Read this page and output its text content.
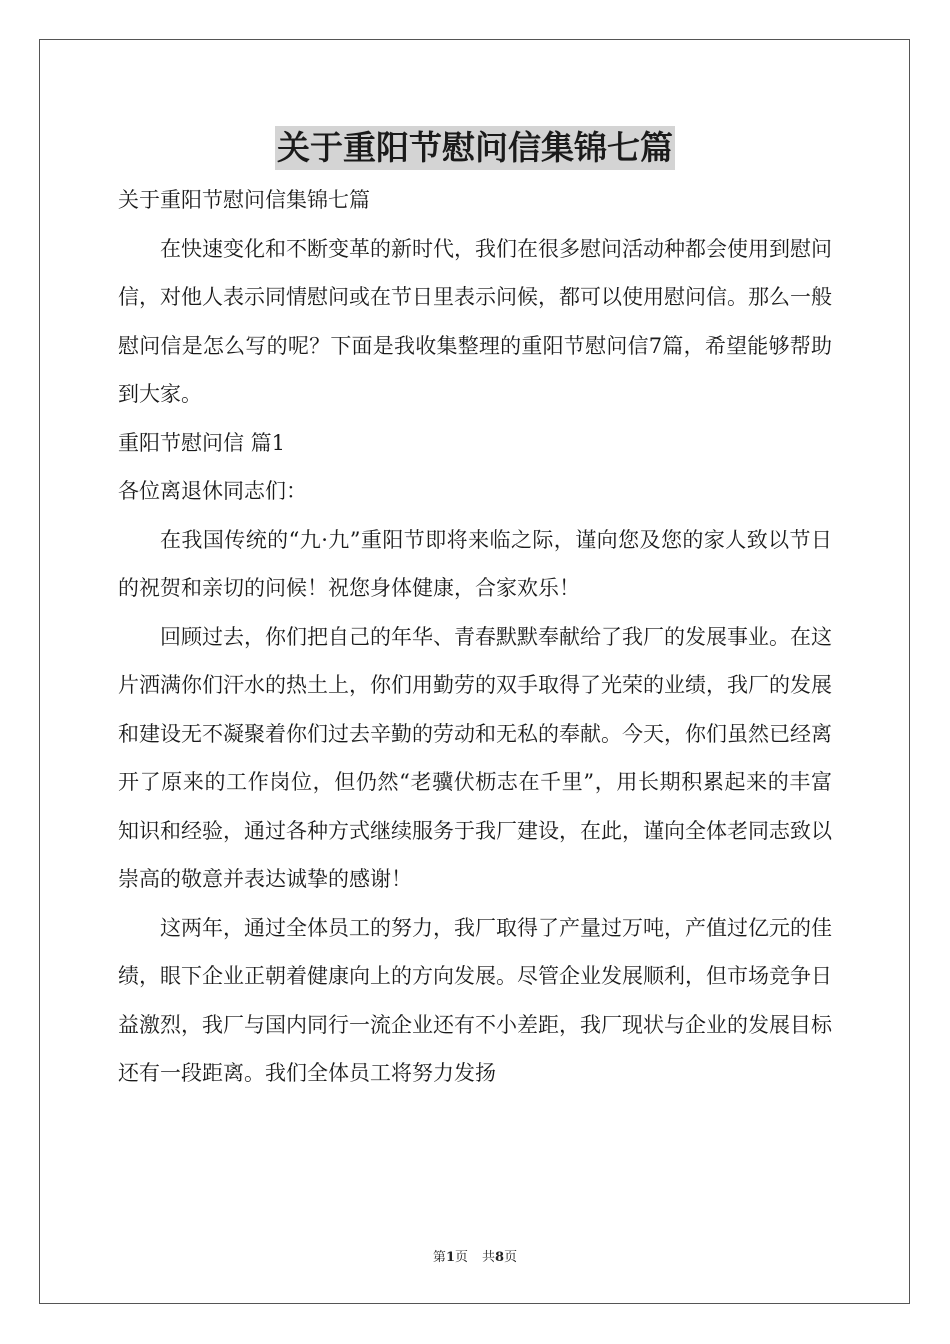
关于重阳节慰问信集锦七篇

关于重阳节慰问信集锦七篇

在快速变化和不断变革的新时代，我们在很多慰问活动种都会使用到慰问信，对他人表示同情慰问或在节日里表示问候，都可以使用慰问信。那么一般慰问信是怎么写的呢？下面是我收集整理的重阳节慰问信7篇，希望能够帮助到大家。

重阳节慰问信 篇1

各位离退休同志们：

在我国传统的“九·九”重阳节即将来临之际，谨向您及您的家人致以节日的祝贺和亲切的问候！祝您身体健康，合家欢乐！

回顾过去，你们把自己的年华、青春默默奉献给了我厂的发展事业。在这片洒满你们汗水的热土上，你们用勤劳的双手取得了光荣的业绩，我厂的发展和建设无不凝聚着你们过去辛勤的劳动和无私的奉献。今天，你们虽然已经离开了原来的工作岗位，但仍然“老骥伏枥志在千里”，用长期积累起来的丰富知识和经验，通过各种方式继续服务于我厂建设，在此，谨向全体老同志致以崇高的敬意并表达诚挚的感谢！

这两年，通过全体员工的努力，我厂取得了产量过万吨，产值过亿元的佳绩，眼下企业正朝着健康向上的方向发展。尽管企业发展顺利，但市场竞争日益激烈，我厂与国内同行一流企业还有不小差距，我厂现状与企业的发展目标还有一段距离。我们全体员工将努力发扬

第1页 共8页
